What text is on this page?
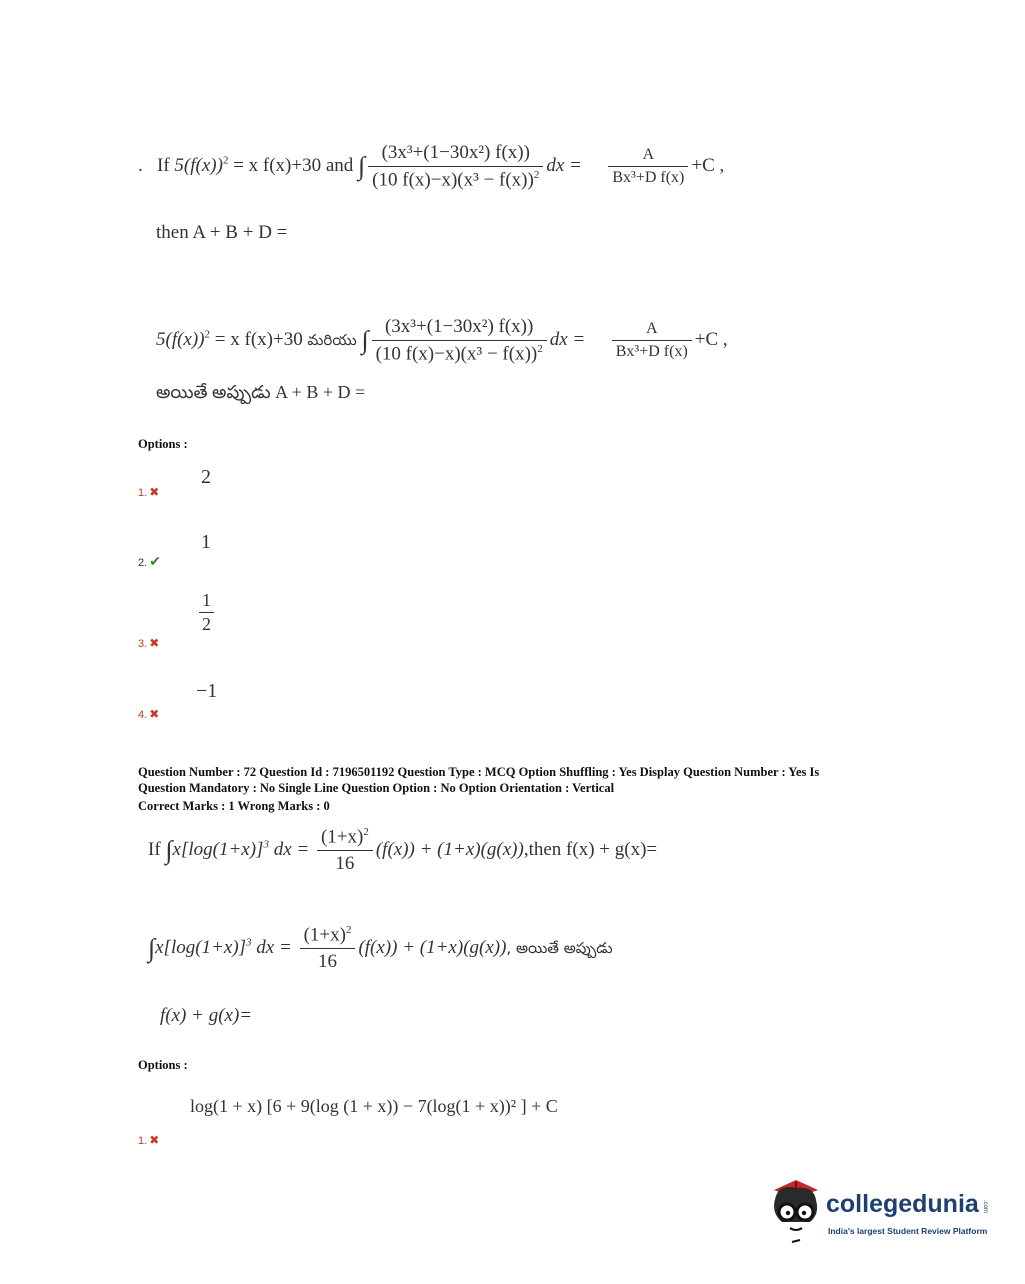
. If $5(f(x))^2 = x$ f(x)+30 and ∫ $\frac{\text{(3x³+(1−30x²) f(x))}}{(10 f(x)-x)(x^3 - f(x))^2}$ dx = $\frac{A}{\text{Bx³+D f(x)}} +C$ ,
then A + B + D =
$5(f(x))^2 = x$ f(x)+30 మరియు ∫ $\frac{\text{(3x³+(1−30x²) f(x))}}{(10 f(x)-x)(x^3 - f(x))^2}$ dx = $\frac{A}{\text{Bx³+D f(x)}} +C$ ,
అయితే అప్పుడు A + B + D =
Options :
2
1. ✖
1
2. ✔
$\frac{1}{2}$
3. ✖
−1
4. ✖
Question Number : 72 Question Id : 7196501192 Question Type : MCQ Option Shuffling : Yes Display Question Number : Yes Is
Question Mandatory : No Single Line Question Option : No Option Orientation : Vertical
Correct Marks : 1 Wrong Marks : 0
If $\int x[\log(1+x)]^3$ dx = $\frac{(1+x)^2}{16} (f(x))$ + (1+x)(g(x)),then f(x) + g(x)=
$\int x[\log(1+x)]^3$ dx = $\frac{(1+x)^2}{16} (f(x)) + (1+x)(g(x))$, అయితే అప్పుడు
f(x) + g(x)=
Options :
log(1 + x) [6 + 9(log (1 + x)) − 7(log(1 + x))² ] + C
1. ✖
collegedunia .com
India's largest Student Review Platform
